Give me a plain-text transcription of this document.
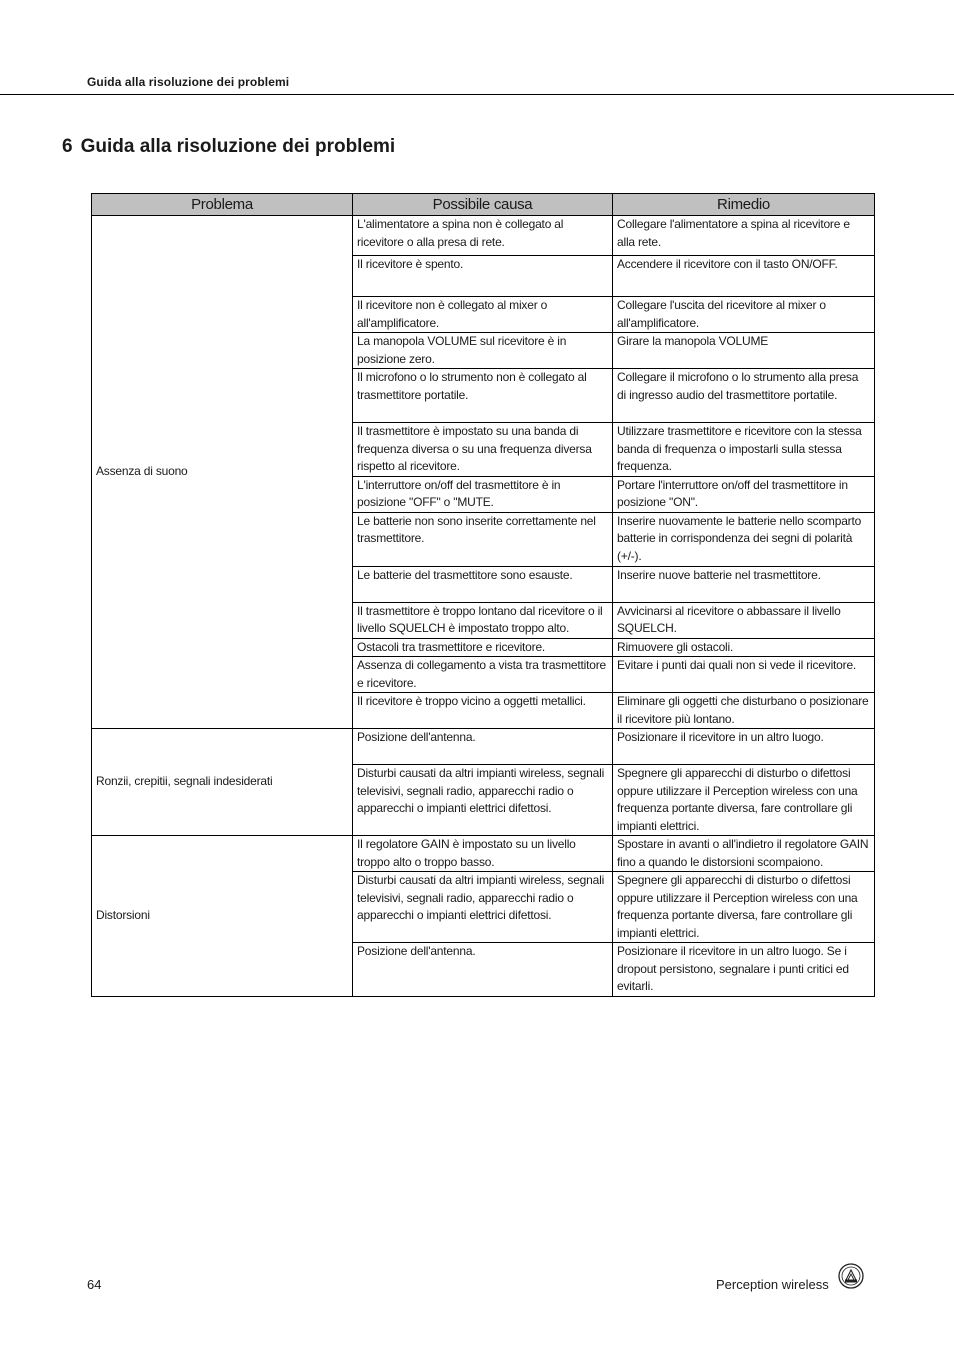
Guida alla risoluzione dei problemi
6 Guida alla risoluzione dei problemi
Problema	Possibile causa	Rimedio
Assenza di suono	L'alimentatore a spina non è collegato al ricevitore o alla presa di rete.	Collegare l'alimentatore a spina al ricevitore e alla rete.
	Il ricevitore è spento.	Accendere il ricevitore con il tasto ON/OFF.
	Il ricevitore non è collegato al mixer o all'amplificatore.	Collegare l'uscita del ricevitore al mixer o all'amplificatore.
	La manopola VOLUME sul ricevitore è in posizione zero.	Girare la manopola VOLUME
	Il microfono o lo strumento non è collegato al trasmettitore portatile.	Collegare il microfono o lo strumento alla presa di ingresso audio del trasmettitore portatile.
	Il trasmettitore è impostato su una banda di frequenza diversa o su una frequenza diversa rispetto al ricevitore.	Utilizzare trasmettitore e ricevitore con la stessa banda di frequenza o impostarli sulla stessa frequenza.
	L'interruttore on/off del trasmettitore è in posizione "OFF" o "MUTE.	Portare l'interruttore on/off del trasmettitore in posizione "ON".
	Le batterie non sono inserite correttamente nel trasmettitore.	Inserire nuovamente le batterie nello scomparto batterie in corrispondenza dei segni di polarità (+/-).
	Le batterie del trasmettitore sono esauste.	Inserire nuove batterie nel trasmettitore.
	Il trasmettitore è troppo lontano dal ricevitore o il livello SQUELCH è impostato troppo alto.	Avvicinarsi al ricevitore o abbassare il livello SQUELCH.
	Ostacoli tra trasmettitore e ricevitore.	Rimuovere gli ostacoli.
	Assenza di collegamento a vista tra trasmettitore e ricevitore.	Evitare i punti dai quali non si vede il ricevitore.
	Il ricevitore è troppo vicino a oggetti metallici.	Eliminare gli oggetti che disturbano o posizionare il ricevitore più lontano.
Ronzii, crepitii, segnali indesiderati	Posizione dell'antenna.	Posizionare il ricevitore in un altro luogo.
	Disturbi causati da altri impianti wireless, segnali televisivi, segnali radio, apparecchi radio o apparecchi o impianti elettrici difettosi.	Spegnere gli apparecchi di disturbo o difettosi oppure utilizzare il Perception wireless con una frequenza portante diversa, fare controllare gli impianti elettrici.
Distorsioni	Il regolatore GAIN è impostato su un livello troppo alto o troppo basso.	Spostare in avanti o all'indietro il regolatore GAIN fino a quando le distorsioni scompaiono.
	Disturbi causati da altri impianti wireless, segnali televisivi, segnali radio, apparecchi radio o apparecchi o impianti elettrici difettosi.	Spegnere gli apparecchi di disturbo o difettosi oppure utilizzare il Perception wireless con una frequenza portante diversa, fare controllare gli impianti elettrici.
	Posizione dell'antenna.	Posizionare il ricevitore in un altro luogo. Se i dropout persistono, segnalare i punti critici ed evitarli.
64	Perception wireless
